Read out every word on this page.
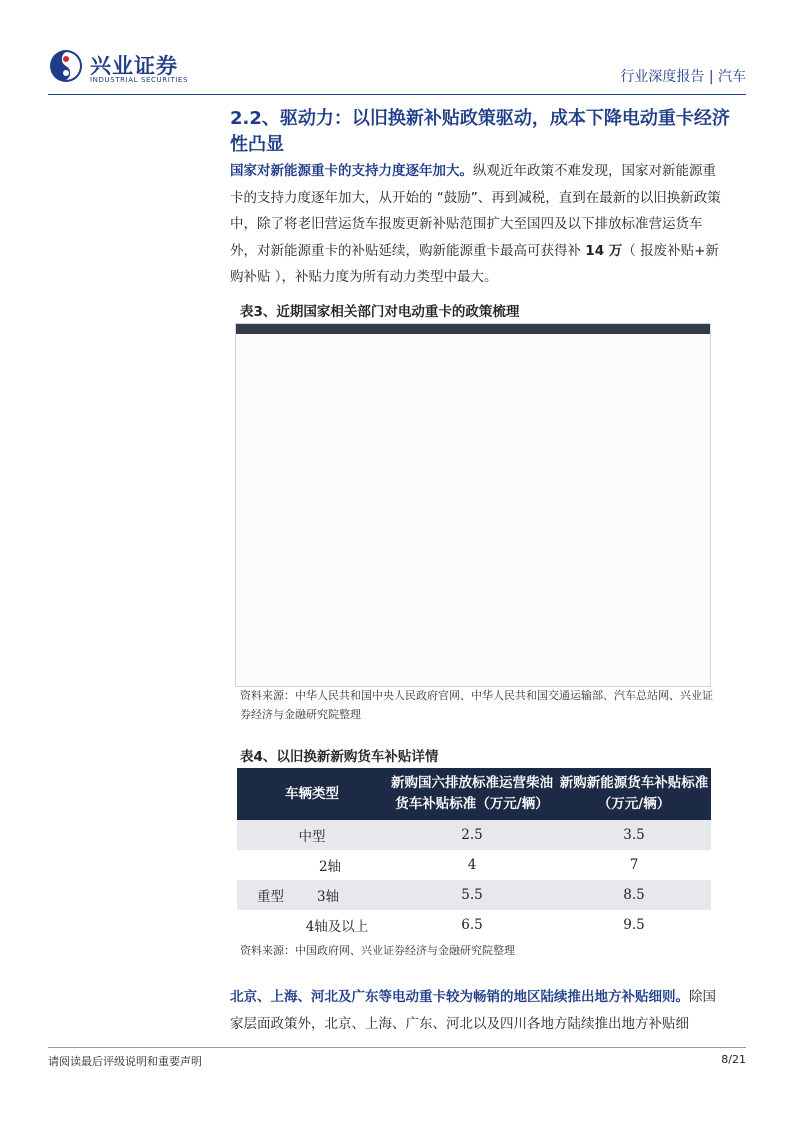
兴业证券
INDUSTRIAL SECURITIES	行业深度报告 | 汽车
2.2、驱动力：以旧换新补贴政策驱动，成本下降电动重卡经济性凸显
国家对新能源重卡的支持力度逐年加大。纵观近年政策不难发现，国家对新能源重卡的支持力度逐年加大，从开始的 “鼓励”、再到减税，直到在最新的以旧换新政策中，除了将老旧营运货车报废更新补贴范围扩大至国四及以下排放标准营运货车外，对新能源重卡的补贴延续，购新能源重卡最高可获得补 14 万（ 报废补贴+新购补贴 ），补贴力度为所有动力类型中最大。
表3、近期国家相关部门对电动重卡的政策梳理
资料来源：中华人民共和国中央人民政府官网、中华人民共和国交通运输部、汽车总站网、兴业证券经济与金融研究院整理
表4、以旧换新新购货车补贴详情
车辆类型	新购国六排放标准运营柴油货车补贴标准（万元/辆）	新购新能源货车补贴标准（万元/辆）
中型	2.5	3.5
2轴	4	7
重型 3轴	5.5	8.5
4轴及以上	6.5	9.5
资料来源：中国政府网、兴业证券经济与金融研究院整理
北京、上海、河北及广东等电动重卡较为畅销的地区陆续推出地方补贴细则。除国家层面政策外，北京、上海、广东、河北以及四川各地方陆续推出地方补贴细
请阅读最后评级说明和重要声明	8/21
